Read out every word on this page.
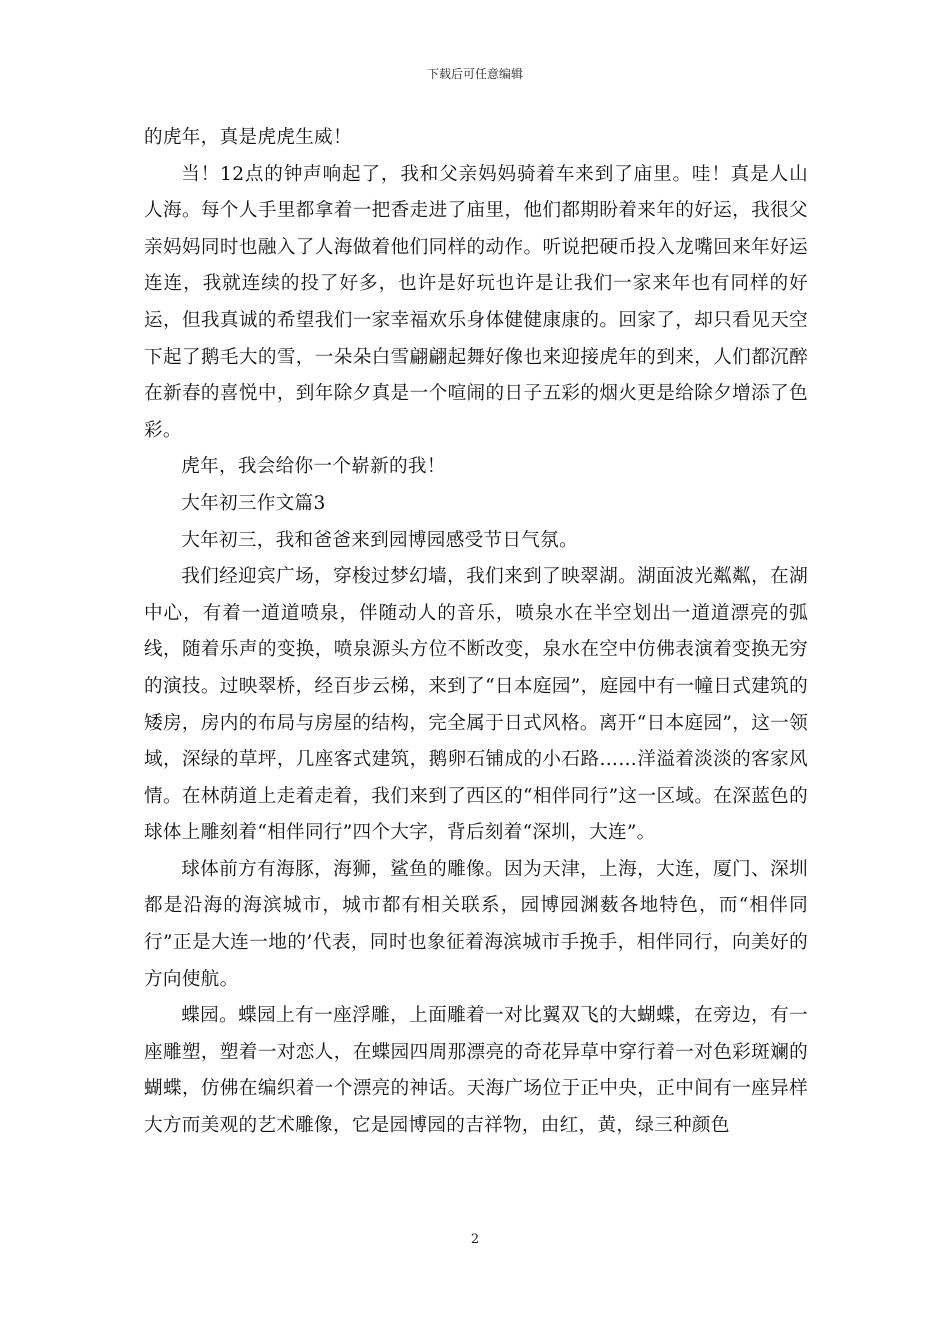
下载后可任意编辑

的虎年，真是虎虎生威！

当！12点的钟声响起了，我和父亲妈妈骑着车来到了庙里。哇！真是人山人海。每个人手里都拿着一把香走进了庙里，他们都期盼着来年的好运，我很父亲妈妈同时也融入了人海做着他们同样的动作。听说把硬币投入龙嘴回来年好运连连，我就连续的投了好多，也许是好玩也许是让我们一家来年也有同样的好运，但我真诚的希望我们一家幸福欢乐身体健健康康的。回家了，却只看见天空下起了鹅毛大的雪，一朵朵白雪翩翩起舞好像也来迎接虎年的到来，人们都沉醉在新春的喜悦中，到年除夕真是一个喧闹的日子五彩的烟火更是给除夕增添了色彩。

虎年，我会给你一个崭新的我！

大年初三作文篇3

大年初三，我和爸爸来到园博园感受节日气氛。

我们经迎宾广场，穿梭过梦幻墙，我们来到了映翠湖。湖面波光粼粼，在湖中心，有着一道道喷泉，伴随动人的音乐，喷泉水在半空划出一道道漂亮的弧线，随着乐声的变换，喷泉源头方位不断改变，泉水在空中仿佛表演着变换无穷的演技。过映翠桥，经百步云梯，来到了“日本庭园”，庭园中有一幢日式建筑的矮房，房内的布局与房屋的结构，完全属于日式风格。离开“日本庭园”，这一领域，深绿的草坪，几座客式建筑，鹅卵石铺成的小石路……洋溢着淡淡的客家风情。在林荫道上走着走着，我们来到了西区的“相伴同行”这一区域。在深蓝色的球体上雕刻着“相伴同行”四个大字，背后刻着“深圳，大连”。

球体前方有海豚，海狮，鲨鱼的雕像。因为天津，上海，大连，厦门、深圳都是沿海的海滨城市，城市都有相关联系，园博园渊薮各地特色，而“相伴同行”正是大连一地的’代表，同时也象征着海滨城市手挽手，相伴同行，向美好的方向使航。

蝶园。蝶园上有一座浮雕，上面雕着一对比翼双飞的大蝴蝶，在旁边，有一座雕塑，塑着一对恋人，在蝶园四周那漂亮的奇花异草中穿行着一对色彩斑斓的蝴蝶，仿佛在编织着一个漂亮的神话。天海广场位于正中央，正中间有一座异样大方而美观的艺术雕像，它是园博园的吉祥物，由红，黄，绿三种颜色

2
